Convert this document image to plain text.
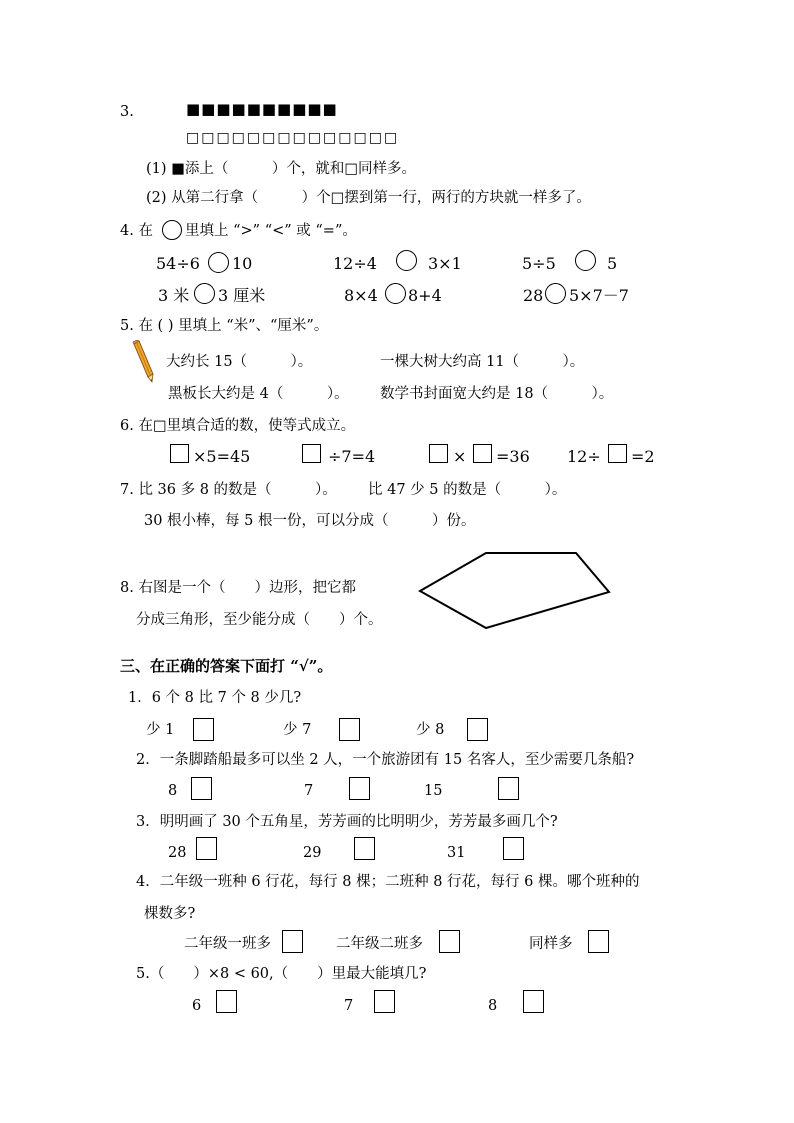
3.	■■■■■■■■■■
□□□□□□□□□□□□□□
(1) ■添上（　　　）个，就和□同样多。
(2) 从第二行拿（　　　）个□摆到第一行，两行的方块就一样多了。
4. 在 里填上 “>” “<” 或 “=”。
54÷6 10	12÷4	3×1	5÷5	5
3 米 3 厘米	8×4 8+4	28 5×7－7
5. 在 ( ) 里填上 “米”、“厘米”。
大约长 15（　　　）。	一棵大树大约高 11（　　　）。
黑板长大约是 4（　　　）。 数学书封面宽大约是 18（　　　）。
6. 在□里填合适的数，使等式成立。
×5=45	÷7=4	× =36 12÷ =2
7. 比 36 多 8 的数是（　　　）。 比 47 少 5 的数是（　　　）。
30 根小棒，每 5 根一份，可以分成（　　　）份。
8. 右图是一个（　　）边形，把它都
分成三角形，至少能分成（　　）个。
三、在正确的答案下面打 “√”。
1．6 个 8 比 7 个 8 少几?
少 1	少 7	少 8
2．一条脚踏船最多可以坐 2 人，一个旅游团有 15 名客人，至少需要几条船?
8	7	15
3．明明画了 30 个五角星，芳芳画的比明明少，芳芳最多画几个?
28	29	31
4．二年级一班种 6 行花，每行 8 棵；二班种 8 行花，每行 6 棵。哪个班种的
棵数多?
二年级一班多	二年级二班多	同样多
5.（　　）×8 < 60,（　　）里最大能填几?
6	7	8
